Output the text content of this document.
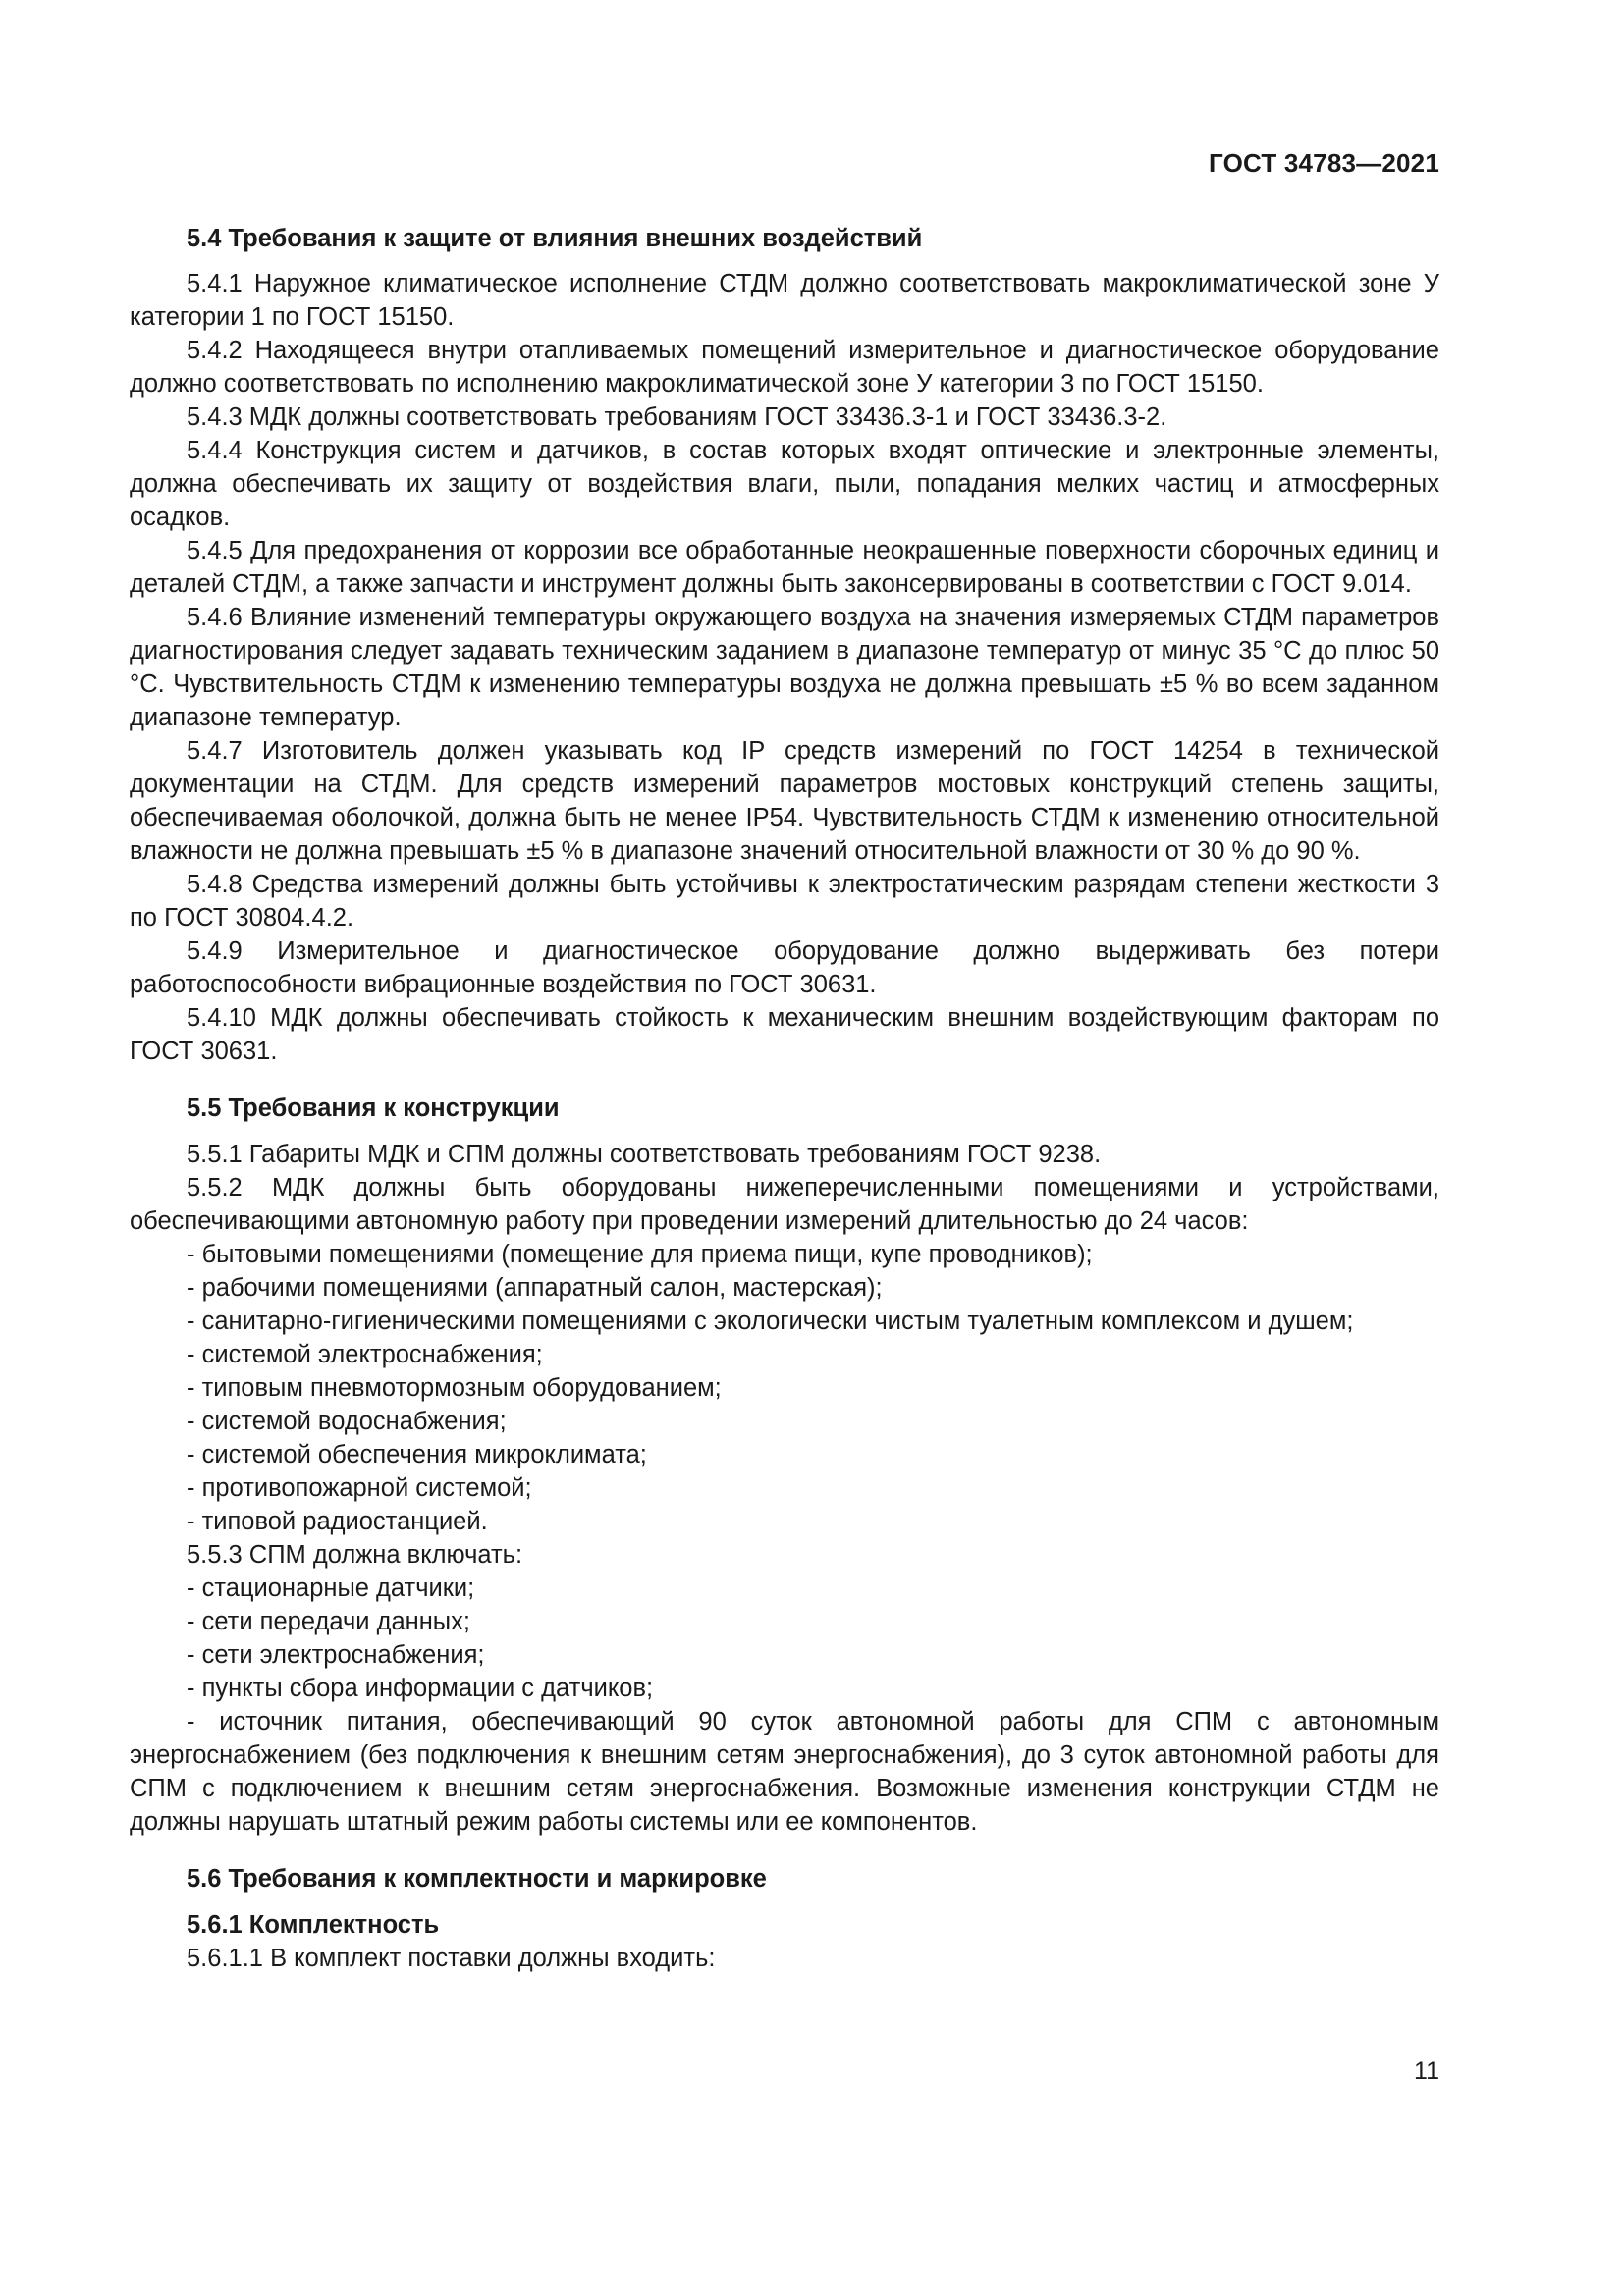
ГОСТ 34783—2021

5.4 Требования к защите от влияния внешних воздействий

5.4.1 Наружное климатическое исполнение СТДМ должно соответствовать макроклиматической зоне У категории 1 по ГОСТ 15150.

5.4.2 Находящееся внутри отапливаемых помещений измерительное и диагностическое оборудование должно соответствовать по исполнению макроклиматической зоне У категории 3 по ГОСТ 15150.

5.4.3 МДК должны соответствовать требованиям ГОСТ 33436.3-1 и ГОСТ 33436.3-2.

5.4.4 Конструкция систем и датчиков, в состав которых входят оптические и электронные элементы, должна обеспечивать их защиту от воздействия влаги, пыли, попадания мелких частиц и атмосферных осадков.

5.4.5 Для предохранения от коррозии все обработанные неокрашенные поверхности сборочных единиц и деталей СТДМ, а также запчасти и инструмент должны быть законсервированы в соответствии с ГОСТ 9.014.

5.4.6 Влияние изменений температуры окружающего воздуха на значения измеряемых СТДМ параметров диагностирования следует задавать техническим заданием в диапазоне температур от минус 35 °С до плюс 50 °С. Чувствительность СТДМ к изменению температуры воздуха не должна превышать ±5 % во всем заданном диапазоне температур.

5.4.7 Изготовитель должен указывать код IP средств измерений по ГОСТ 14254 в технической документации на СТДМ. Для средств измерений параметров мостовых конструкций степень защиты, обеспечиваемая оболочкой, должна быть не менее IP54. Чувствительность СТДМ к изменению относительной влажности не должна превышать ±5 % в диапазоне значений относительной влажности от 30 % до 90 %.

5.4.8 Средства измерений должны быть устойчивы к электростатическим разрядам степени жесткости 3 по ГОСТ 30804.4.2.

5.4.9 Измерительное и диагностическое оборудование должно выдерживать без потери работоспособности вибрационные воздействия по ГОСТ 30631.

5.4.10 МДК должны обеспечивать стойкость к механическим внешним воздействующим факторам по ГОСТ 30631.

5.5 Требования к конструкции

5.5.1 Габариты МДК и СПМ должны соответствовать требованиям ГОСТ 9238.

5.5.2 МДК должны быть оборудованы нижеперечисленными помещениями и устройствами, обеспечивающими автономную работу при проведении измерений длительностью до 24 часов:

- бытовыми помещениями (помещение для приема пищи, купе проводников);

- рабочими помещениями (аппаратный салон, мастерская);

- санитарно-гигиеническими помещениями с экологически чистым туалетным комплексом и душем;

- системой электроснабжения;

- типовым пневмотормозным оборудованием;

- системой водоснабжения;

- системой обеспечения микроклимата;

- противопожарной системой;

- типовой радиостанцией.

5.5.3 СПМ должна включать:

- стационарные датчики;

- сети передачи данных;

- сети электроснабжения;

- пункты сбора информации с датчиков;

- источник питания, обеспечивающий 90 суток автономной работы для СПМ с автономным энергоснабжением (без подключения к внешним сетям энергоснабжения), до 3 суток автономной работы для СПМ с подключением к внешним сетям энергоснабжения. Возможные изменения конструкции СТДМ не должны нарушать штатный режим работы системы или ее компонентов.

5.6 Требования к комплектности и маркировке

5.6.1 Комплектность

5.6.1.1 В комплект поставки должны входить:

11
